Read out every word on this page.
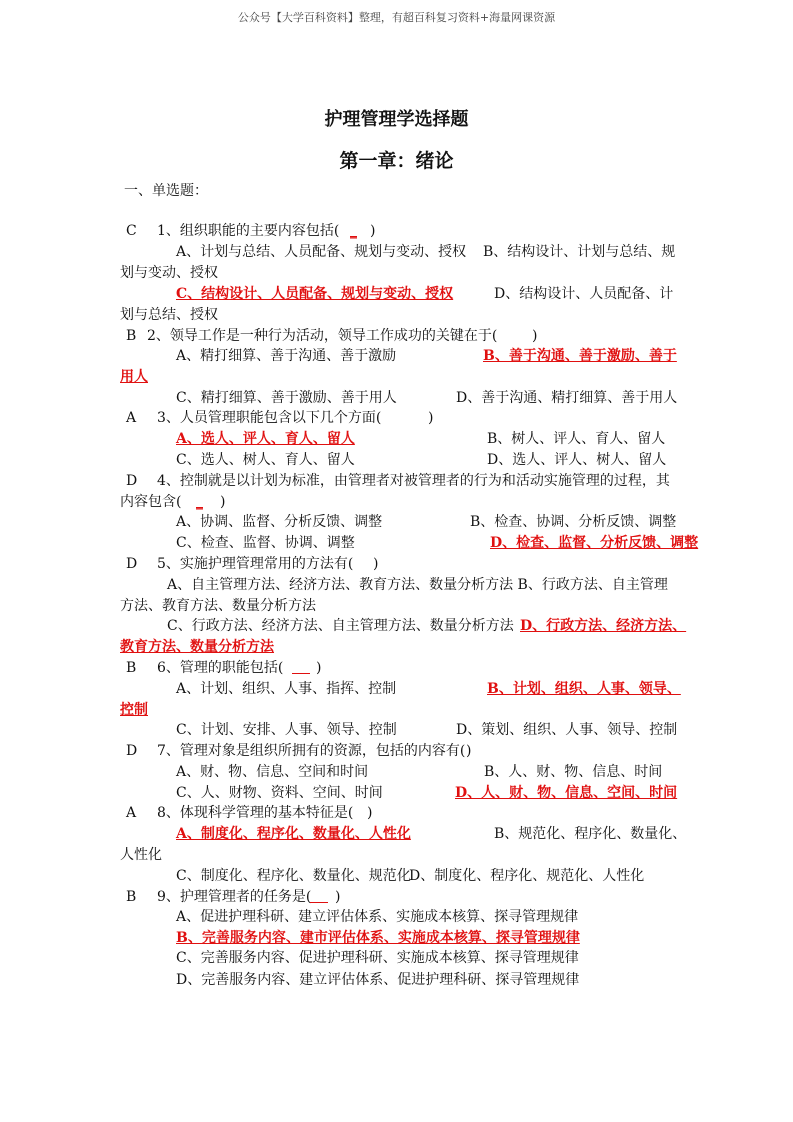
公众号【大学百科资料】整理，有超百科复习资料+海量网课资源
护理管理学选择题
第一章：绪论
一、单选题：
C 1、组织职能的主要内容包括( _ )
A、计划与总结、人员配备、规划与变动、授权 B、结构设计、计划与总结、规
划与变动、授权
C、结构设计、人员配备、规划与变动、授权	D、结构设计、人员配备、计
划与总结、授权
B 2、领导工作是一种行为活动，领导工作成功的关键在于( )
A、精打细算、善于沟通、善于激励	B、善于沟通、善于激励、善于
用人
C、精打细算、善于激励、善于用人	D、善于沟通、精打细算、善于用人
A 3、人员管理职能包含以下几个方面(	)
A、选人、评人、育人、留人	B、树人、评人、育人、留人
C、选人、树人、育人、留人	D、选人、评人、树人、留人
D 4、控制就是以计划为标准，由管理者对被管理者的行为和活动实施管理的过程，其
内容包含( _ )
A、协调、监督、分析反馈、调整	B、检查、协调、分析反馈、调整
C、检查、监督、协调、调整	D、检查、监督、分析反馈、调整
D 5、实施护理管理常用的方法有( )
A、自主管理方法、经济方法、教育方法、数量分析方法 B、行政方法、自主管理
方法、教育方法、数量分析方法
C、行政方法、经济方法、自主管理方法、数量分析方法 D、行政方法、经济方法、
教育方法、数量分析方法
B 6、管理的职能包括( )
A、计划、组织、人事、指挥、控制	B、计划、组织、人事、领导、
控制
C、计划、安排、人事、领导、控制	D、策划、组织、人事、领导、控制
D 7、管理对象是组织所拥有的资源，包括的内容有( )
A、财、物、信息、空间和时间	B、人、财、物、信息、时间
C、人、财物、资料、空间、时间	D、人、财、物、信息、空间、时间
A 8、体现科学管理的基本特征是( )
A、制度化、程序化、数量化、人性化	B、规范化、程序化、数量化、
人性化
C、制度化、程序化、数量化、规范化
D、制度化、程序化、规范化、人性化
B 9、护理管理者的任务是( )
A、促进护理科研、建立评估体系、实施成本核算、探寻管理规律
B、完善服务内容、建市评估体系、实施成本核算、探寻管理规律
C、完善服务内容、促进护理科研、实施成本核算、探寻管理规律
D、完善服务内容、建立评估体系、促进护理科研、探寻管理规律
